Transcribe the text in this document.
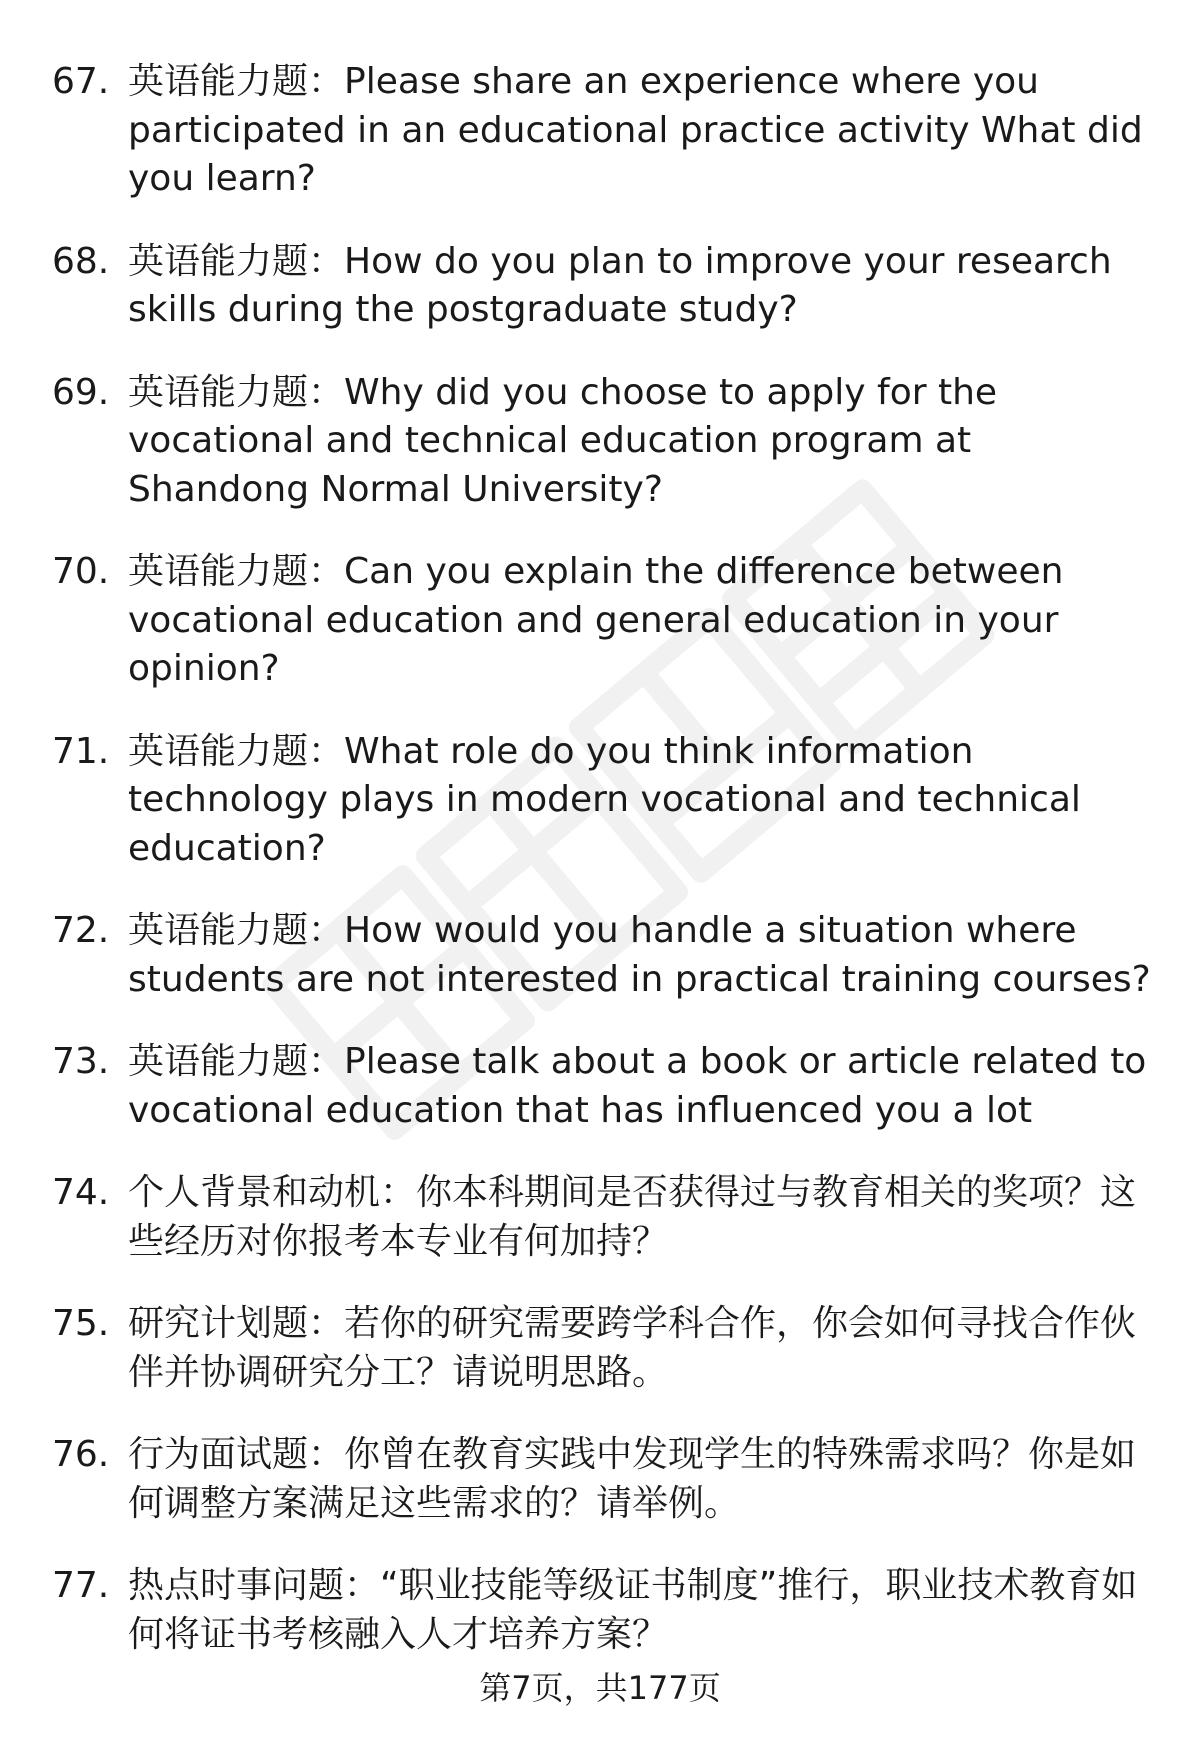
67. 英语能力题：Please share an experience where you participated in an educational practice activity What did you learn?
68. 英语能力题：How do you plan to improve your research skills during the postgraduate study?
69. 英语能力题：Why did you choose to apply for the vocational and technical education program at Shandong Normal University?
70. 英语能力题：Can you explain the difference between vocational education and general education in your opinion?
71. 英语能力题：What role do you think information technology plays in modern vocational and technical education?
72. 英语能力题：How would you handle a situation where students are not interested in practical training courses?
73. 英语能力题：Please talk about a book or article related to vocational education that has influenced you a lot
74. 个人背景和动机：你本科期间是否获得过与教育相关的奖项？这些经历对你报考本专业有何加持？
75. 研究计划题：若你的研究需要跨学科合作，你会如何寻找合作伙伴并协调研究分工？请说明思路。
76. 行为面试题：你曾在教育实践中发现学生的特殊需求吗？你是如何调整方案满足这些需求的？请举例。
77. 热点时事问题：“职业技能等级证书制度”推行，职业技术教育如何将证书考核融入人才培养方案？
第7页，共177页
